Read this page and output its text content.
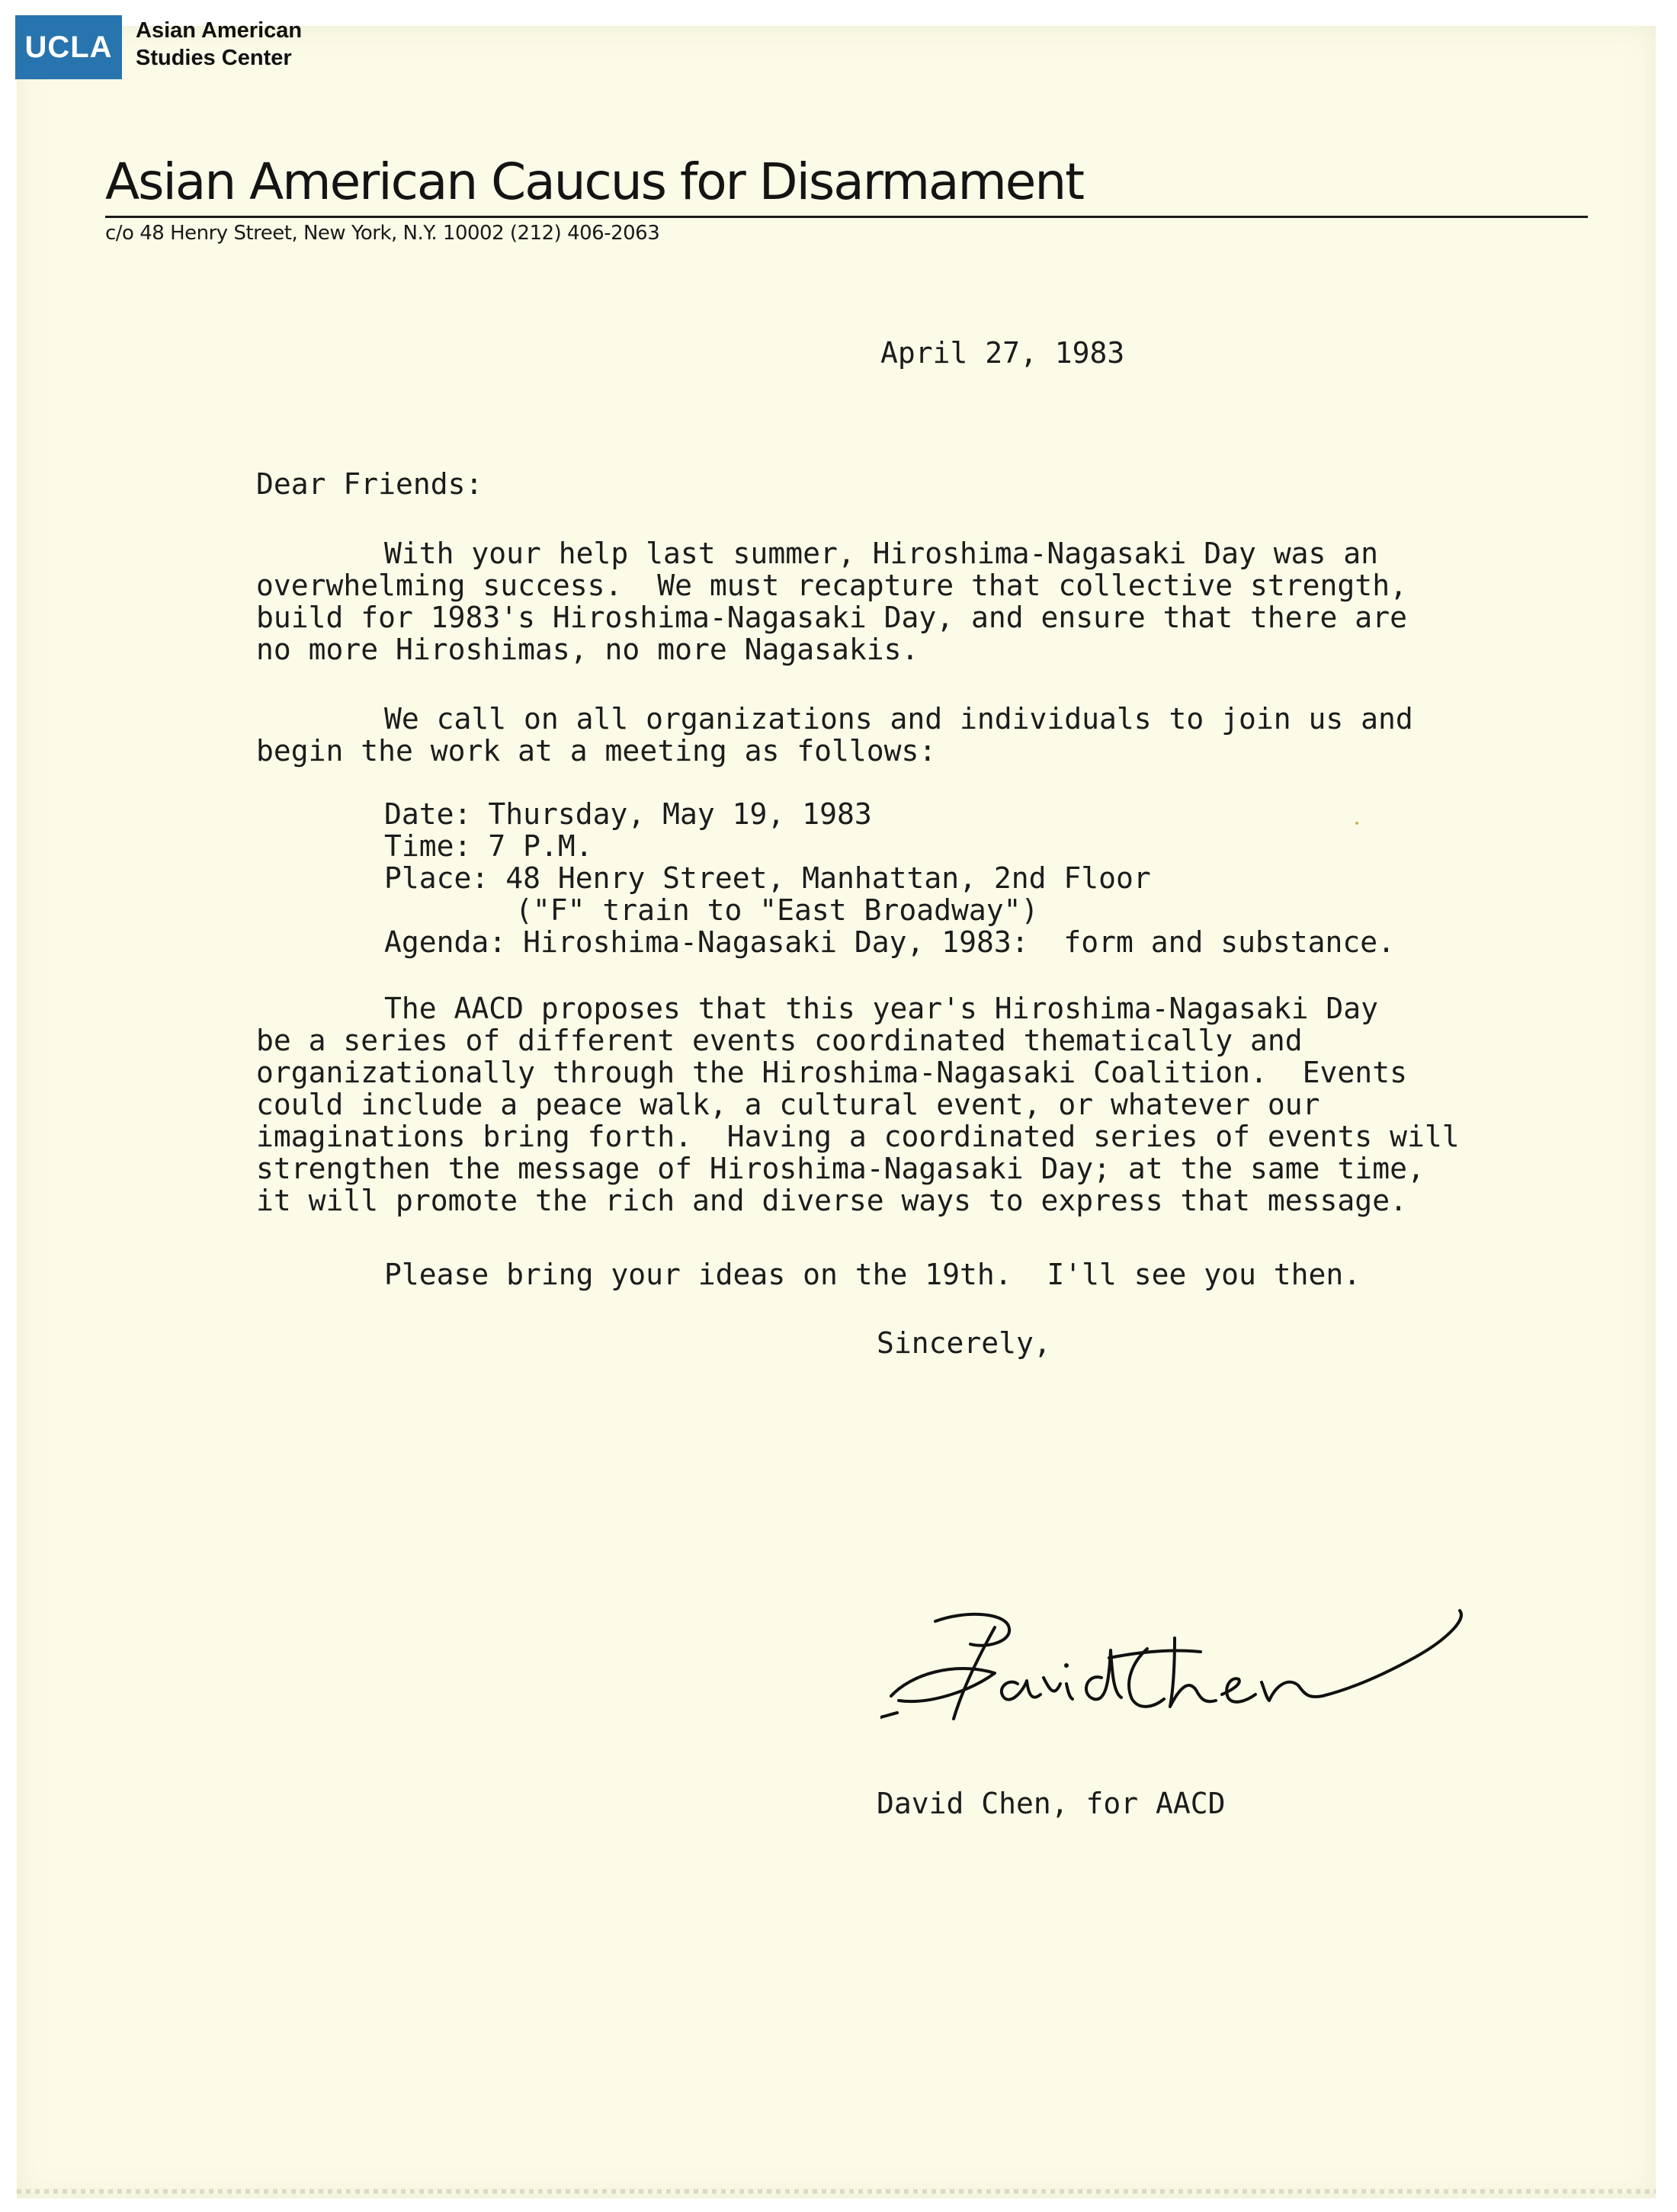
UCLA	Asian American
Studies Center
Asian American Caucus for Disarmament
c/o 48 Henry Street, New York, N.Y. 10002 (212) 406-2063
April 27, 1983
Dear Friends:
With your help last summer, Hiroshima-Nagasaki Day was an
overwhelming success.  We must recapture that collective strength,
build for 1983's Hiroshima-Nagasaki Day, and ensure that there are
no more Hiroshimas, no more Nagasakis.
We call on all organizations and individuals to join us and
begin the work at a meeting as follows:
Date: Thursday, May 19, 1983
Time: 7 P.M.
Place: 48 Henry Street, Manhattan, 2nd Floor
("F" train to "East Broadway")
Agenda: Hiroshima-Nagasaki Day, 1983:  form and substance.
The AACD proposes that this year's Hiroshima-Nagasaki Day
be a series of different events coordinated thematically and
organizationally through the Hiroshima-Nagasaki Coalition.  Events
could include a peace walk, a cultural event, or whatever our
imaginations bring forth.  Having a coordinated series of events will
strengthen the message of Hiroshima-Nagasaki Day; at the same time,
it will promote the rich and diverse ways to express that message.
Please bring your ideas on the 19th.  I'll see you then.
Sincerely,
David Chen, for AACD
